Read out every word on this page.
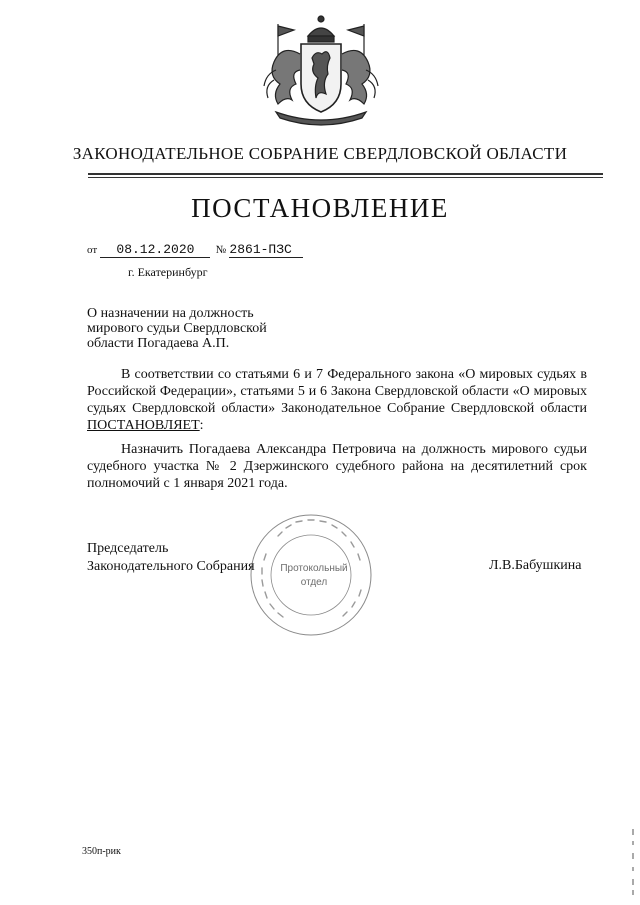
ЗАКОНОДАТЕЛЬНОЕ СОБРАНИЕ СВЕРДЛОВСКОЙ ОБЛАСТИ
ПОСТАНОВЛЕНИЕ
от 08.12.2020 № 2861-ПЗС
г. Екатеринбург
О назначении на должность
мирового судьи Свердловской
области Погадаева А.П.
В соответствии со статьями 6 и 7 Федерального закона «О мировых судьях в Российской Федерации», статьями 5 и 6 Закона Свердловской области «О мировых судьях Свердловской области» Законодательное Собрание Свердловской области ПОСТАНОВЛЯЕТ:
Назначить Погадаева Александра Петровича на должность мирового судьи судебного участка № 2 Дзержинского судебного района на десятилетний срок полномочий с 1 января 2021 года.
Протокольный
отдел
Председатель
Законодательного Собрания	Л.В.Бабушкина
350п-рик
